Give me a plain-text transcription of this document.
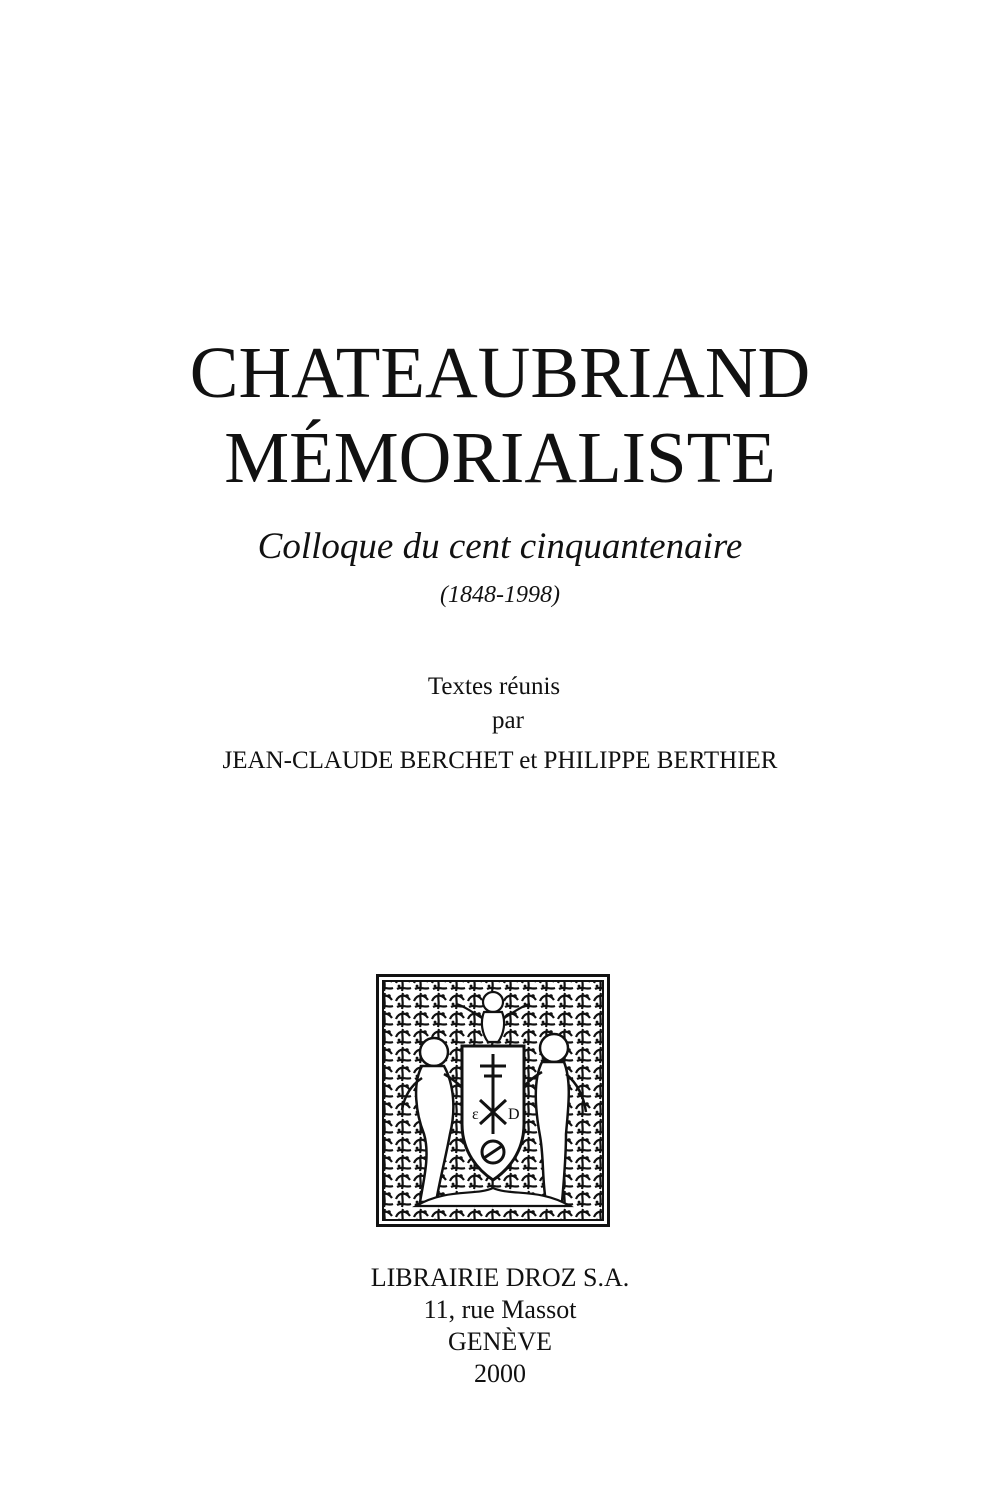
CHATEAUBRIAND
MÉMORIALISTE
Colloque du cent cinquantenaire
(1848-1998)
Textes réunis
par
JEAN-CLAUDE BERCHET et PHILIPPE BERTHIER
ε D
LIBRAIRIE DROZ S.A.
11, rue Massot
GENÈVE
2000
